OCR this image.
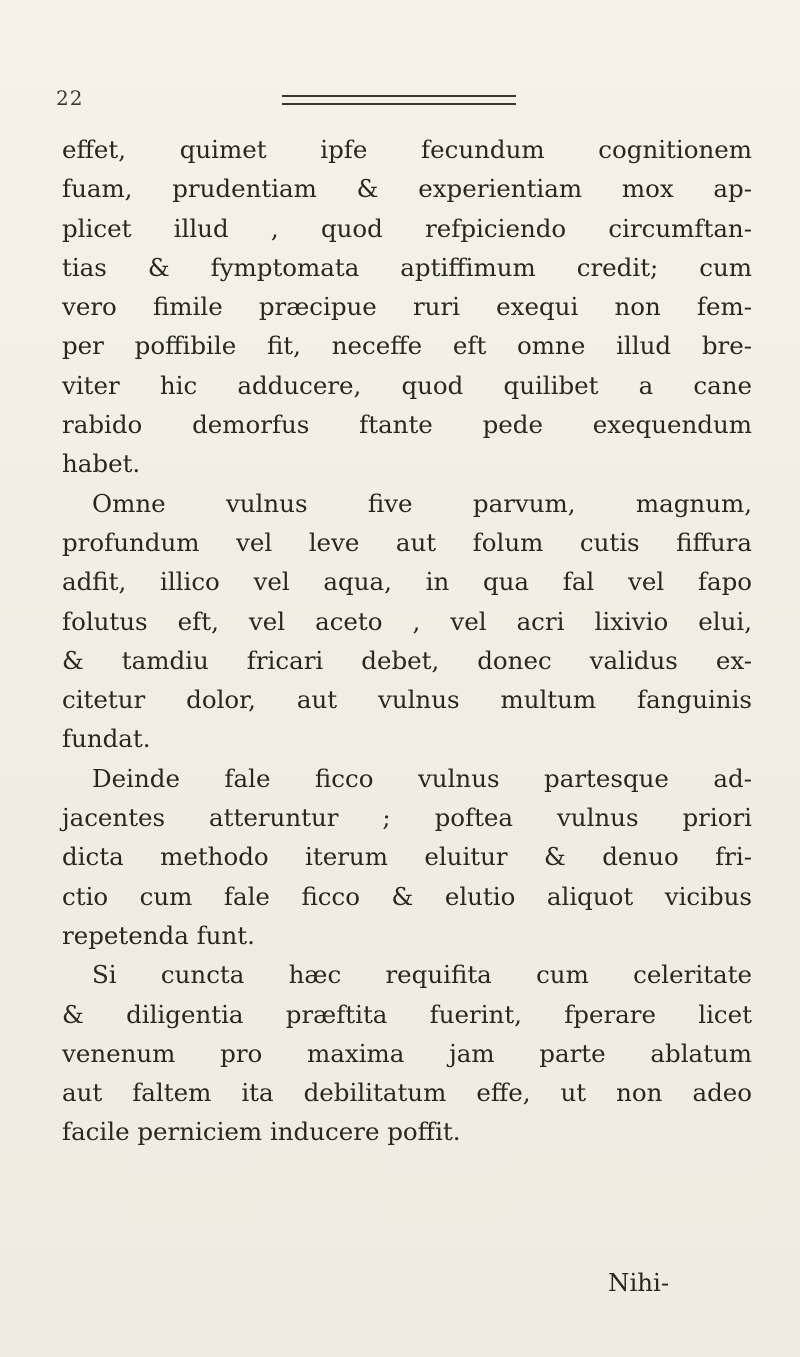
22
effet, quimet ipfe fecundum cognitionem
fuam, prudentiam & experientiam mox ap-
plicet illud , quod refpiciendo circumftan-
tias & fymptomata aptiffimum credit; cum
vero fimile præcipue ruri exequi non fem-
per poffibile fit, neceffe eft omne illud bre-
viter hic adducere, quod quilibet a cane
rabido demorfus ftante pede exequendum
habet.
Omne vulnus five parvum, magnum,
profundum vel leve aut folum cutis fiffura
adfit, illico vel aqua, in qua fal vel fapo
folutus eft, vel aceto , vel acri lixivio elui,
& tamdiu fricari debet, donec validus ex-
citetur dolor, aut vulnus multum fanguinis
fundat.
Deinde fale ficco vulnus partesque ad-
jacentes atteruntur ; poftea vulnus priori
dicta methodo iterum eluitur & denuo fri-
ctio cum fale ficco & elutio aliquot vicibus
repetenda funt.
Si cuncta hæc requifita cum celeritate
& diligentia præftita fuerint, fperare licet
venenum pro maxima jam parte ablatum
aut faltem ita debilitatum effe, ut non adeo
facile perniciem inducere poffit.
Nihi-
